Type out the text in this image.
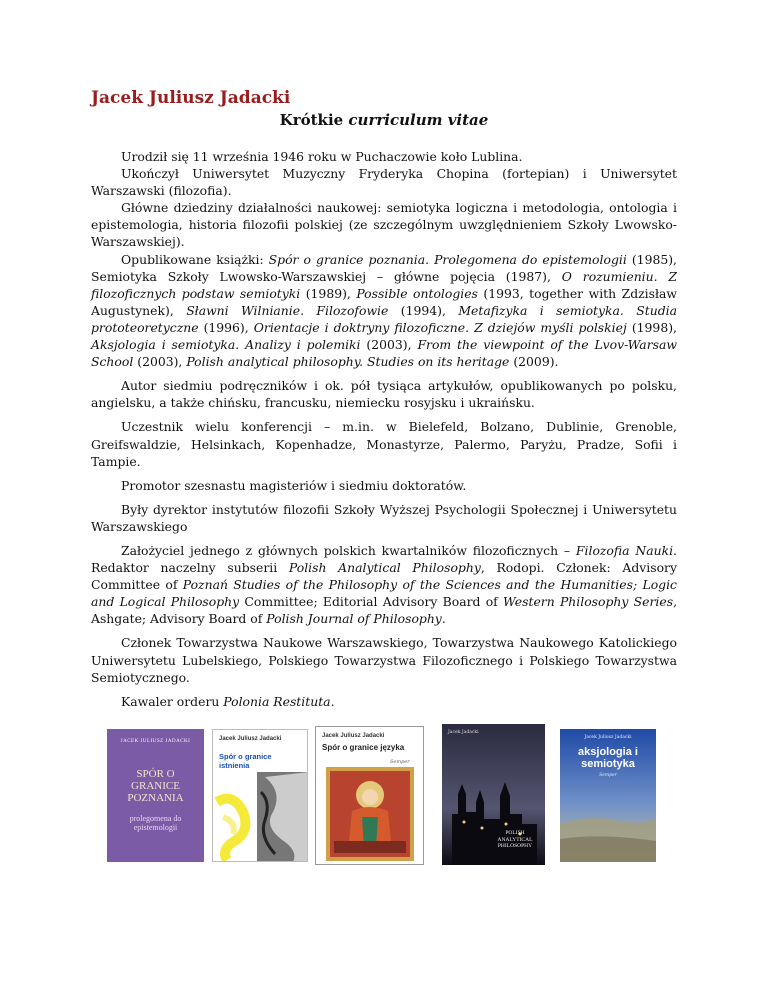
Jacek Juliusz Jadacki
Krótkie curriculum vitae

Urodził się 11 września 1946 roku w Puchaczowie koło Lublina.

Ukończył Uniwersytet Muzyczny Fryderyka Chopina (fortepian) i Uniwersytet Warszawski (filozofia).

Główne dziedziny działalności naukowej: semiotyka logiczna i metodologia, ontologia i epistemologia, historia filozofii polskiej (ze szczególnym uwzględnieniem Szkoły Lwowsko-Warszawskiej).

Opublikowane książki: Spór o granice poznania. Prolegomena do epistemologii (1985), Semiotyka Szkoły Lwowsko-Warszawskiej – główne pojęcia (1987), O rozumieniu. Z filozoficznych podstaw semiotyki (1989), Possible ontologies (1993, together with Zdzisław Augustynek), Sławni Wilnianie. Filozofowie (1994), Metafizyka i semiotyka. Studia prototeoretyczne (1996), Orientacje i doktryny filozoficzne. Z dziejów myśli polskiej (1998), Aksjologia i semiotyka. Analizy i polemiki (2003), From the viewpoint of the Lvov-Warsaw School (2003), Polish analytical philosophy. Studies on its heritage (2009).

Autor siedmiu podręczników i ok. pół tysiąca artykułów, opublikowanych po polsku, angielsku, a także chińsku, francusku, niemiecku rosyjsku i ukraińsku.

Uczestnik wielu konferencji – m.in. w Bielefeld, Bolzano, Dublinie, Grenoble, Greifswaldzie, Helsinkach, Kopenhadze, Monastyrze, Palermo, Paryżu, Pradze, Sofii i Tampie.

Promotor szesnastu magisteriów i siedmiu doktoratów.

Były dyrektor instytutów filozofii Szkoły Wyższej Psychologii Społecznej i Uniwersytetu Warszawskiego

Założyciel jednego z głównych polskich kwartalników filozoficznych – Filozofia Nauki. Redaktor naczelny subserii Polish Analytical Philosophy, Rodopi. Członek: Advisory Committee of Poznań Studies of the Philosophy of the Sciences and the Humanities; Logic and Logical Philosophy Committee; Editorial Advisory Board of Western Philosophy Series, Ashgate; Advisory Board of Polish Journal of Philosophy.

Członek Towarzystwa Naukowe Warszawskiego, Towarzystwa Naukowego Katolickiego Uniwersytetu Lubelskiego, Polskiego Towarzystwa Filozoficznego i Polskiego Towarzystwa Semiotycznego.

Kawaler orderu Polonia Restituta.

JACEK JULIUSZ JADACKI
SPÓR O GRANICE POZNANIA
prolegomena do epistemologii
Jacek Juliusz Jadacki
Spór o granice istnienia
Jacek Juliusz Jadacki
Spór o granice języka
Semper
Jacek Jadacki
POLISH ANALYTICAL PHILOSOPHY
Jacek Juliusz Jadacki
aksjologia i semiotyka
Semper
